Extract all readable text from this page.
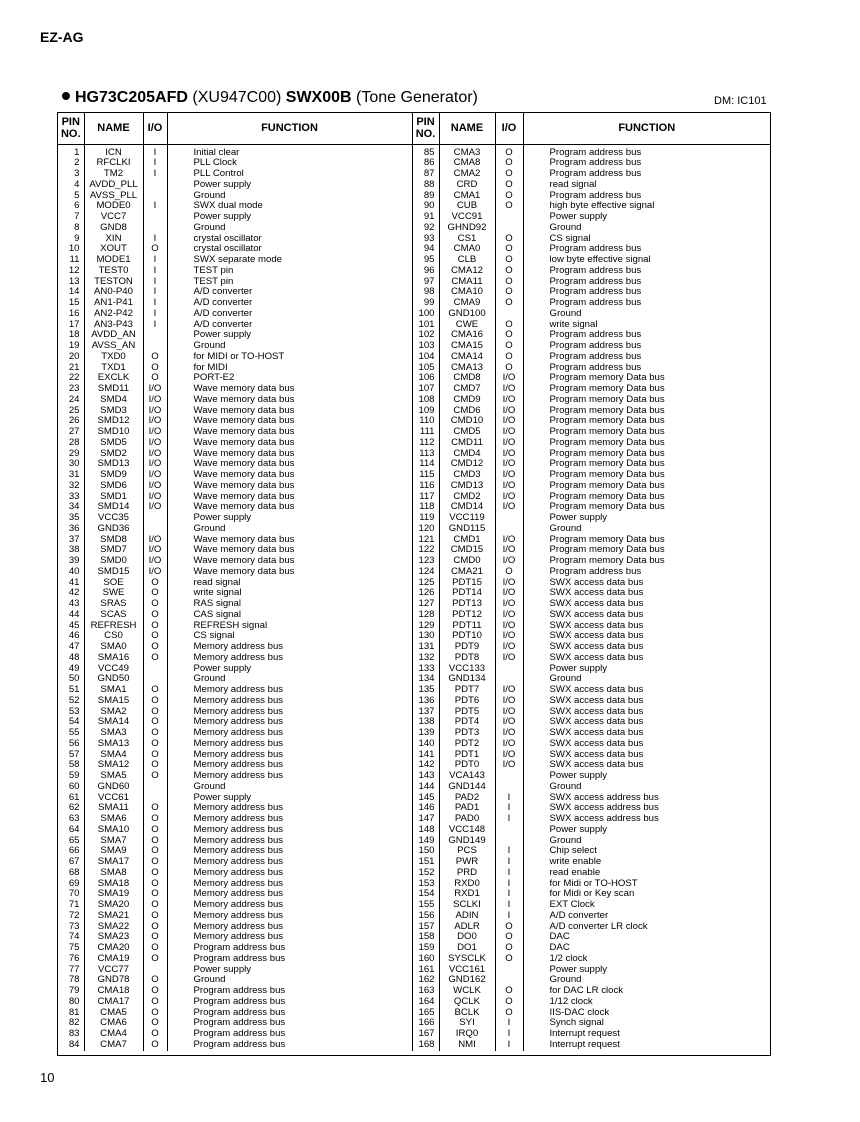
EZ-AG
HG73C205AFD (XU947C00) SWX00B (Tone Generator)	DM: IC101
PIN
NO.	NAME	I/O	FUNCTION	PIN
NO.	NAME	I/O	FUNCTION
1	ICN	I	Initial clear	85	CMA3	O	Program address bus
2	RFCLKI	I	PLL Clock	86	CMA8	O	Program address bus
3	TM2	I	PLL Control	87	CMA2	O	Program address bus
4	AVDD_PLL		Power supply	88	CRD	O	read signal
5	AVSS_PLL		Ground	89	CMA1	O	Program address bus
6	MODE0	I	SWX dual mode	90	CUB	O	high byte effective signal
7	VCC7		Power supply	91	VCC91		Power supply
8	GND8		Ground	92	GHND92		Ground
9	XIN	I	crystal oscillator	93	CS1	O	CS signal
10	XOUT	O	crystal oscillator	94	CMA0	O	Program address bus
11	MODE1	I	SWX separate mode	95	CLB	O	low byte effective signal
12	TEST0	I	TEST pin	96	CMA12	O	Program address bus
13	TESTON	I	TEST pin	97	CMA11	O	Program address bus
14	AN0-P40	I	A/D converter	98	CMA10	O	Program address bus
15	AN1-P41	I	A/D converter	99	CMA9	O	Program address bus
16	AN2-P42	I	A/D converter	100	GND100		Ground
17	AN3-P43	I	A/D converter	101	CWE	O	write signal
18	AVDD_AN		Power supply	102	CMA16	O	Program address bus
19	AVSS_AN		Ground	103	CMA15	O	Program address bus
20	TXD0	O	for MIDI or TO-HOST	104	CMA14	O	Program address bus
21	TXD1	O	for MIDI	105	CMA13	O	Program address bus
22	EXCLK	O	PORT-E2	106	CMD8	I/O	Program memory Data bus
23	SMD11	I/O	Wave memory data bus	107	CMD7	I/O	Program memory Data bus
24	SMD4	I/O	Wave memory data bus	108	CMD9	I/O	Program memory Data bus
25	SMD3	I/O	Wave memory data bus	109	CMD6	I/O	Program memory Data bus
26	SMD12	I/O	Wave memory data bus	110	CMD10	I/O	Program memory Data bus
27	SMD10	I/O	Wave memory data bus	111	CMD5	I/O	Program memory Data bus
28	SMD5	I/O	Wave memory data bus	112	CMD11	I/O	Program memory Data bus
29	SMD2	I/O	Wave memory data bus	113	CMD4	I/O	Program memory Data bus
30	SMD13	I/O	Wave memory data bus	114	CMD12	I/O	Program memory Data bus
31	SMD9	I/O	Wave memory data bus	115	CMD3	I/O	Program memory Data bus
32	SMD6	I/O	Wave memory data bus	116	CMD13	I/O	Program memory Data bus
33	SMD1	I/O	Wave memory data bus	117	CMD2	I/O	Program memory Data bus
34	SMD14	I/O	Wave memory data bus	118	CMD14	I/O	Program memory Data bus
35	VCC35		Power supply	119	VCC119		Power supply
36	GND36		Ground	120	GND115		Ground
37	SMD8	I/O	Wave memory data bus	121	CMD1	I/O	Program memory Data bus
38	SMD7	I/O	Wave memory data bus	122	CMD15	I/O	Program memory Data bus
39	SMD0	I/O	Wave memory data bus	123	CMD0	I/O	Program memory Data bus
40	SMD15	I/O	Wave memory data bus	124	CMA21	O	Program address bus
41	SOE	O	read signal	125	PDT15	I/O	SWX access data bus
42	SWE	O	write signal	126	PDT14	I/O	SWX access data bus
43	SRAS	O	RAS signal	127	PDT13	I/O	SWX access data bus
44	SCAS	O	CAS signal	128	PDT12	I/O	SWX access data bus
45	REFRESH	O	REFRESH signal	129	PDT11	I/O	SWX access data bus
46	CS0	O	CS signal	130	PDT10	I/O	SWX access data bus
47	SMA0	O	Memory address bus	131	PDT9	I/O	SWX access data bus
48	SMA16	O	Memory address bus	132	PDT8	I/O	SWX access data bus
49	VCC49		Power supply	133	VCC133		Power supply
50	GND50		Ground	134	GND134		Ground
51	SMA1	O	Memory address bus	135	PDT7	I/O	SWX access data bus
52	SMA15	O	Memory address bus	136	PDT6	I/O	SWX access data bus
53	SMA2	O	Memory address bus	137	PDT5	I/O	SWX access data bus
54	SMA14	O	Memory address bus	138	PDT4	I/O	SWX access data bus
55	SMA3	O	Memory address bus	139	PDT3	I/O	SWX access data bus
56	SMA13	O	Memory address bus	140	PDT2	I/O	SWX access data bus
57	SMA4	O	Memory address bus	141	PDT1	I/O	SWX access data bus
58	SMA12	O	Memory address bus	142	PDT0	I/O	SWX access data bus
59	SMA5	O	Memory address bus	143	VCA143		Power supply
60	GND60		Ground	144	GND144		Ground
61	VCC61		Power supply	145	PAD2	I	SWX access address bus
62	SMA11	O	Memory address bus	146	PAD1	I	SWX access address bus
63	SMA6	O	Memory address bus	147	PAD0	I	SWX access address bus
64	SMA10	O	Memory address bus	148	VCC148		Power supply
65	SMA7	O	Memory address bus	149	GND149		Ground
66	SMA9	O	Memory address bus	150	PCS	I	Chip select
67	SMA17	O	Memory address bus	151	PWR	I	write enable
68	SMA8	O	Memory address bus	152	PRD	I	read enable
69	SMA18	O	Memory address bus	153	RXD0	I	for Midi or TO-HOST
70	SMA19	O	Memory address bus	154	RXD1	I	for Midi or Key scan
71	SMA20	O	Memory address bus	155	SCLKI	I	EXT Clock
72	SMA21	O	Memory address bus	156	ADIN	I	A/D converter
73	SMA22	O	Memory address bus	157	ADLR	O	A/D converter LR clock
74	SMA23	O	Memory address bus	158	DO0	O	DAC
75	CMA20	O	Program address bus	159	DO1	O	DAC
76	CMA19	O	Program address bus	160	SYSCLK	O	1/2 clock
77	VCC77		Power supply	161	VCC161		Power supply
78	GND78	O	Ground	162	GND162		Ground
79	CMA18	O	Program address bus	163	WCLK	O	for DAC LR clock
80	CMA17	O	Program address bus	164	QCLK	O	1/12 clock
81	CMA5	O	Program address bus	165	BCLK	O	IIS-DAC clock
82	CMA6	O	Program address bus	166	SYI	I	Synch signal
83	CMA4	O	Program address bus	167	IRQ0	I	Interrupt request
84	CMA7	O	Program address bus	168	NMI	I	Interrupt request
10
